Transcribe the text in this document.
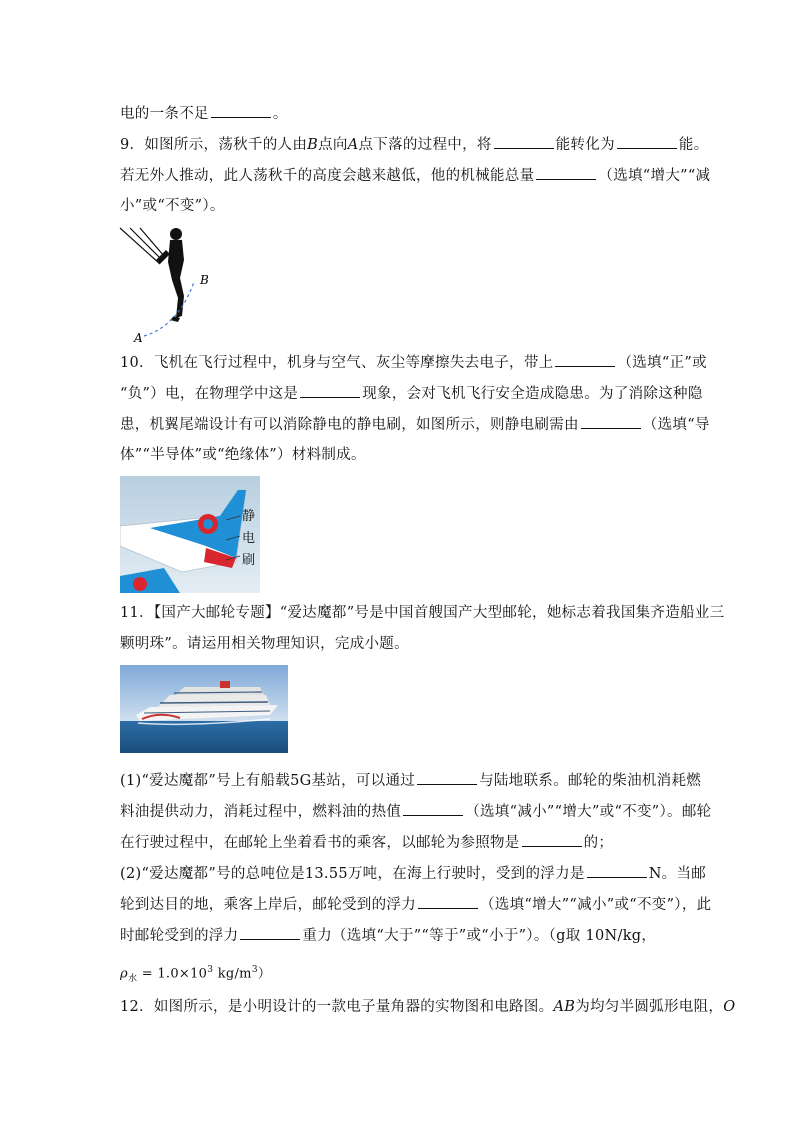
电的一条不足	。
9．如图所示，荡秋千的人由B点向A点下落的过程中，将	能转化为	能。
若无外人推动，此人荡秋千的高度会越来越低，他的机械能总量	（选填“增大”“减
小”或“不变”）。
A
B
10．飞机在飞行过程中，机身与空气、灰尘等摩擦失去电子，带上	（选填“正”或
“负”）电，在物理学中这是	现象，会对飞机飞行安全造成隐患。为了消除这种隐
患，机翼尾端设计有可以消除静电的静电刷，如图所示，则静电刷需由	（选填“导
体”“半导体”或“绝缘体”）材料制成。
静
电
刷
11．【国产大邮轮专题】“爱达魔都”号是中国首艘国产大型邮轮，她标志着我国集齐造船业三
颗明珠”。请运用相关物理知识，完成小题。
(1)“爱达魔都”号上有船载5G基站，可以通过	与陆地联系。邮轮的柴油机消耗燃
料油提供动力，消耗过程中，燃料油的热值	（选填“减小”“增大”或“不变”）。邮轮
在行驶过程中，在邮轮上坐着看书的乘客，以邮轮为参照物是	的；
(2)“爱达魔都”号的总吨位是13.55万吨，在海上行驶时，受到的浮力是	N。当邮
轮到达目的地，乘客上岸后，邮轮受到的浮力	（选填“增大”“减小”或“不变”），此
时邮轮受到的浮力	重力（选填“大于”“等于”或“小于”）。（g取 10N/kg，
$\rho_水 = 1.0\times 10^3$ $kg/m^3$）
12．如图所示，是小明设计的一款电子量角器的实物图和电路图。AB为均匀半圆弧形电阻，O
